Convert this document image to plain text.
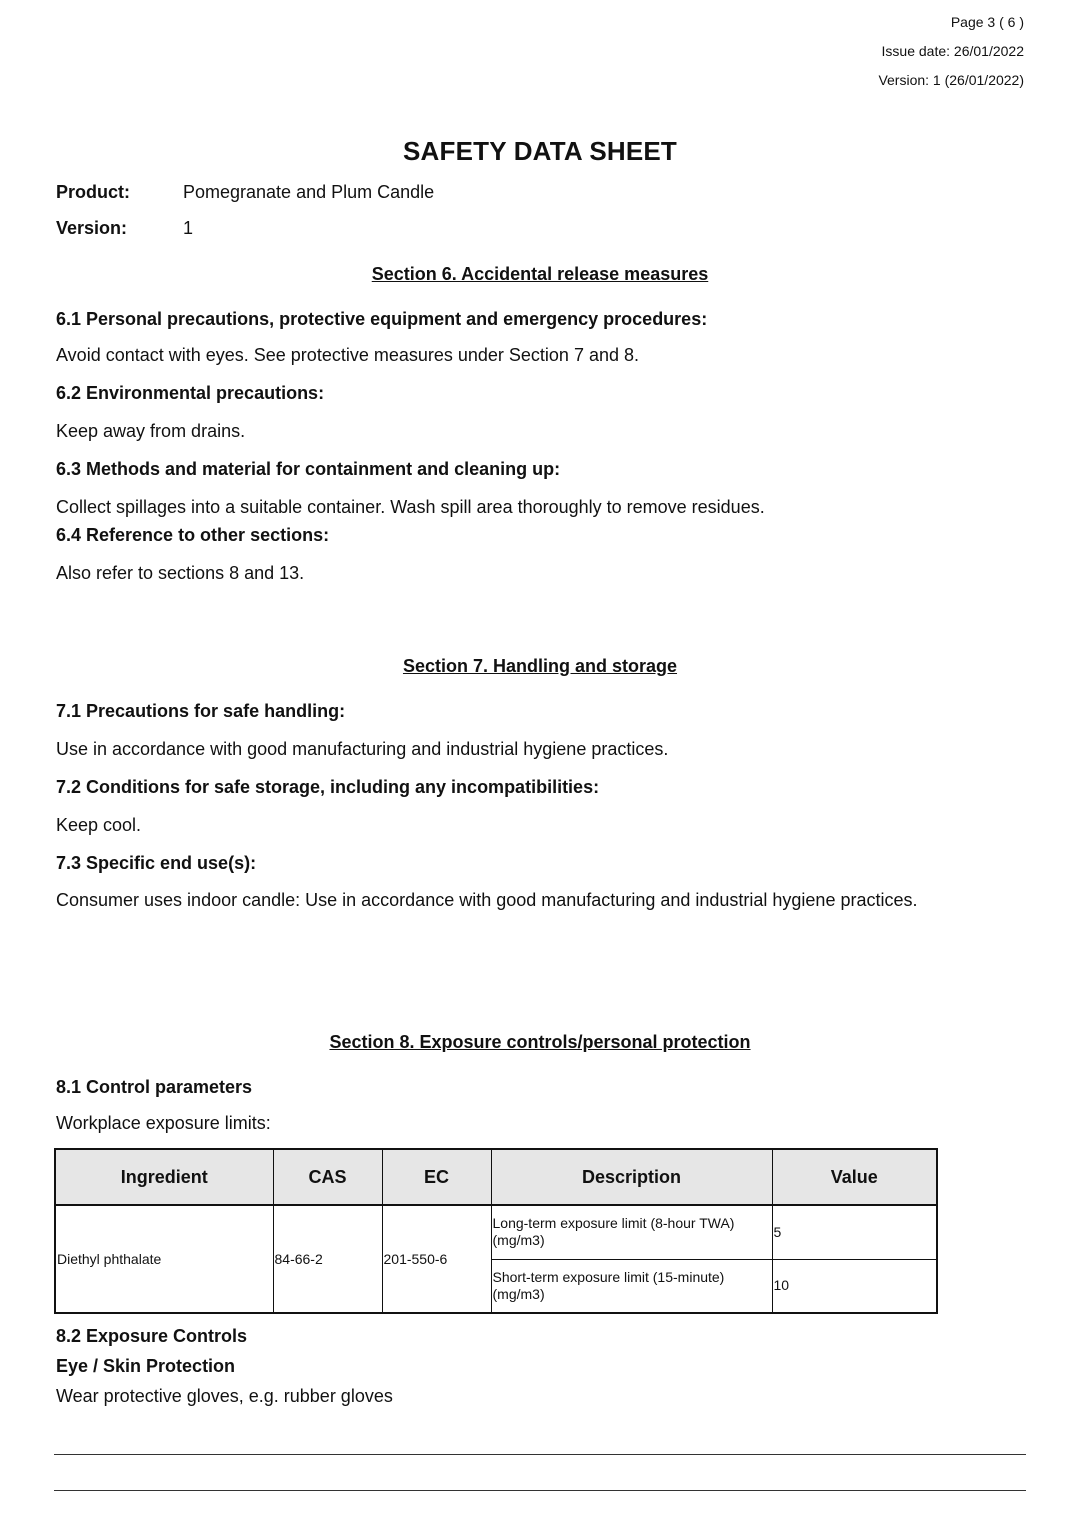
Page 3 ( 6 )
Issue date: 26/01/2022
Version: 1 (26/01/2022)
SAFETY DATA SHEET
Product:	Pomegranate and Plum Candle
Version:	1
Section 6. Accidental release measures
6.1 Personal precautions, protective equipment and emergency procedures:
Avoid contact with eyes. See protective measures under Section 7 and 8.
6.2 Environmental precautions:
Keep away from drains.
6.3 Methods and material for containment and cleaning up:
Collect spillages into a suitable container. Wash spill area thoroughly to remove residues.
6.4 Reference to other sections:
Also refer to sections 8 and 13.
Section 7. Handling and storage
7.1 Precautions for safe handling:
Use in accordance with good manufacturing and industrial hygiene practices.
7.2 Conditions for safe storage, including any incompatibilities:
Keep cool.
7.3 Specific end use(s):
Consumer uses indoor candle: Use in accordance with good manufacturing and industrial hygiene practices.
Section 8. Exposure controls/personal protection
8.1 Control parameters
Workplace exposure limits:
Ingredient	CAS	EC	Description	Value
Diethyl phthalate	84-66-2	201-550-6	Long-term exposure limit (8-hour TWA) (mg/m3)	5
			Short-term exposure limit (15-minute) (mg/m3)	10
8.2 Exposure Controls
Eye / Skin Protection
Wear protective gloves, e.g. rubber gloves
